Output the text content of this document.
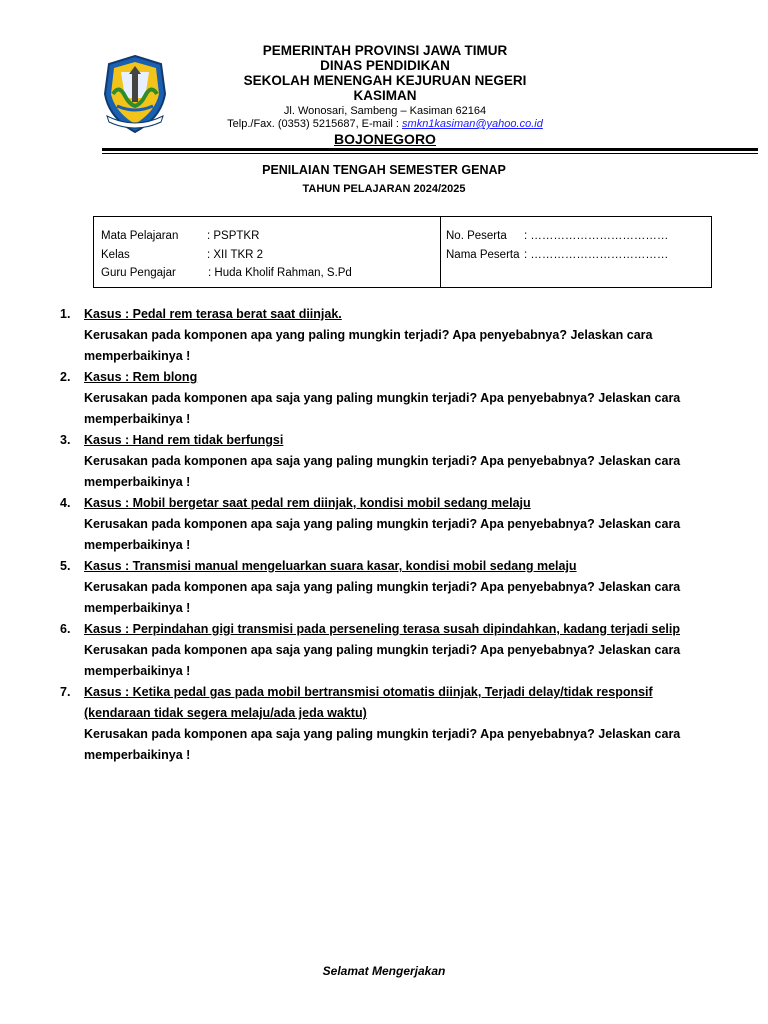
PEMERINTAH PROVINSI JAWA TIMUR
DINAS PENDIDIKAN
SEKOLAH MENENGAH KEJURUAN NEGERI
KASIMAN
Jl. Wonosari, Sambeng – Kasiman 62164
Telp./Fax. (0353) 5215687, E-mail : smkn1kasiman@yahoo.co.id
BOJONEGORO
PENILAIAN TENGAH SEMESTER GENAP
TAHUN PELAJARAN 2024/2025
Mata Pelajaran : PSPTKR
Kelas	: XII TKR 2
Guru Pengajar	: Huda Kholif Rahman, S.Pd
No. Peserta : ………………………………
Nama Peserta : ………………………………
1. Kasus : Pedal rem terasa berat saat diinjak.
Kerusakan pada komponen apa yang paling mungkin terjadi? Apa penyebabnya? Jelaskan cara memperbaikinya !
2. Kasus : Rem blong
Kerusakan pada komponen apa saja yang paling mungkin terjadi? Apa penyebabnya? Jelaskan cara memperbaikinya !
3. Kasus : Hand rem tidak berfungsi
Kerusakan pada komponen apa saja yang paling mungkin terjadi? Apa penyebabnya? Jelaskan cara memperbaikinya !
4. Kasus : Mobil bergetar saat pedal rem diinjak, kondisi mobil sedang melaju
Kerusakan pada komponen apa saja yang paling mungkin terjadi? Apa penyebabnya? Jelaskan cara memperbaikinya !
5. Kasus : Transmisi manual mengeluarkan suara kasar, kondisi mobil sedang melaju
Kerusakan pada komponen apa saja yang paling mungkin terjadi? Apa penyebabnya? Jelaskan cara memperbaikinya !
6. Kasus : Perpindahan gigi transmisi pada perseneling terasa susah dipindahkan, kadang terjadi selip
Kerusakan pada komponen apa saja yang paling mungkin terjadi? Apa penyebabnya? Jelaskan cara memperbaikinya !
7. Kasus : Ketika pedal gas pada mobil bertransmisi otomatis diinjak, Terjadi delay/tidak responsif (kendaraan tidak segera melaju/ada jeda waktu)
Kerusakan pada komponen apa saja yang paling mungkin terjadi? Apa penyebabnya? Jelaskan cara memperbaikinya !
Selamat Mengerjakan
